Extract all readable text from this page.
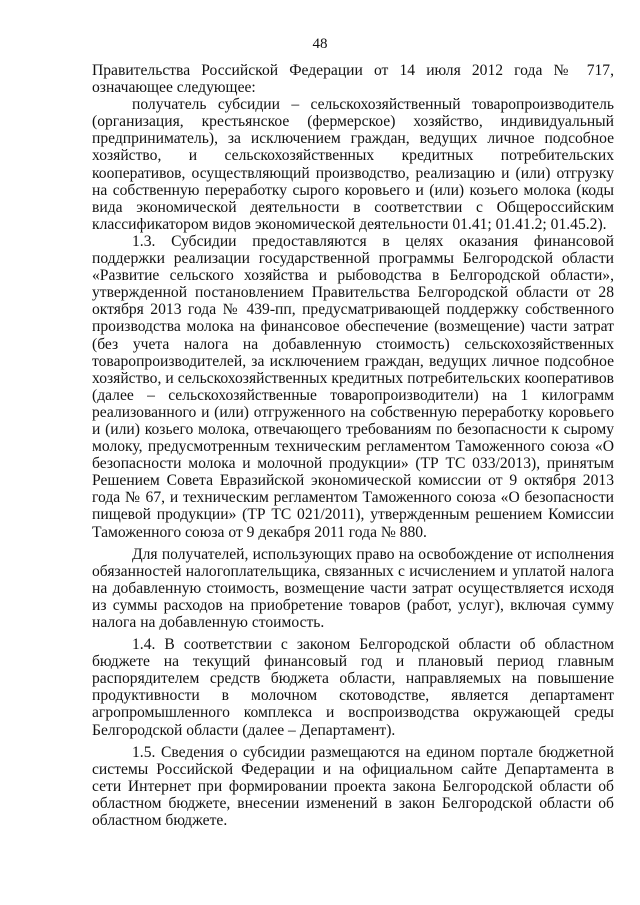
48

Правительства Российской Федерации от 14 июля 2012 года № 717, означающее следующее:

получатель субсидии – сельскохозяйственный товаропроизводитель (организация, крестьянское (фермерское) хозяйство, индивидуальный предприниматель), за исключением граждан, ведущих личное подсобное хозяйство, и сельскохозяйственных кредитных потребительских кооперативов, осуществляющий производство, реализацию и (или) отгрузку на собственную переработку сырого коровьего и (или) козьего молока (коды вида экономической деятельности в соответствии с Общероссийским классификатором видов экономической деятельности 01.41; 01.41.2; 01.45.2).

1.3. Субсидии предоставляются в целях оказания финансовой поддержки реализации государственной программы Белгородской области «Развитие сельского хозяйства и рыбоводства в Белгородской области», утвержденной постановлением Правительства Белгородской области от 28 октября 2013 года № 439-пп, предусматривающей поддержку собственного производства молока на финансовое обеспечение (возмещение) части затрат (без учета налога на добавленную стоимость) сельскохозяйственных товаропроизводителей, за исключением граждан, ведущих личное подсобное хозяйство, и сельскохозяйственных кредитных потребительских кооперативов (далее – сельскохозяйственные товаропроизводители) на 1 килограмм реализованного и (или) отгруженного на собственную переработку коровьего и (или) козьего молока, отвечающего требованиям по безопасности к сырому молоку, предусмотренным техническим регламентом Таможенного союза «О безопасности молока и молочной продукции» (ТР ТС 033/2013), принятым Решением Совета Евразийской экономической комиссии от 9 октября 2013 года № 67, и техническим регламентом Таможенного союза «О безопасности пищевой продукции» (ТР ТС 021/2011), утвержденным решением Комиссии Таможенного союза от 9 декабря 2011 года № 880.

Для получателей, использующих право на освобождение от исполнения обязанностей налогоплательщика, связанных с исчислением и уплатой налога на добавленную стоимость, возмещение части затрат осуществляется исходя из суммы расходов на приобретение товаров (работ, услуг), включая сумму налога на добавленную стоимость.

1.4. В соответствии с законом Белгородской области об областном бюджете на текущий финансовый год и плановый период главным распорядителем средств бюджета области, направляемых на повышение продуктивности в молочном скотоводстве, является департамент агропромышленного комплекса и воспроизводства окружающей среды Белгородской области (далее – Департамент).

1.5. Сведения о субсидии размещаются на едином портале бюджетной системы Российской Федерации и на официальном сайте Департамента в сети Интернет при формировании проекта закона Белгородской области об областном бюджете, внесении изменений в закон Белгородской области об областном бюджете.
